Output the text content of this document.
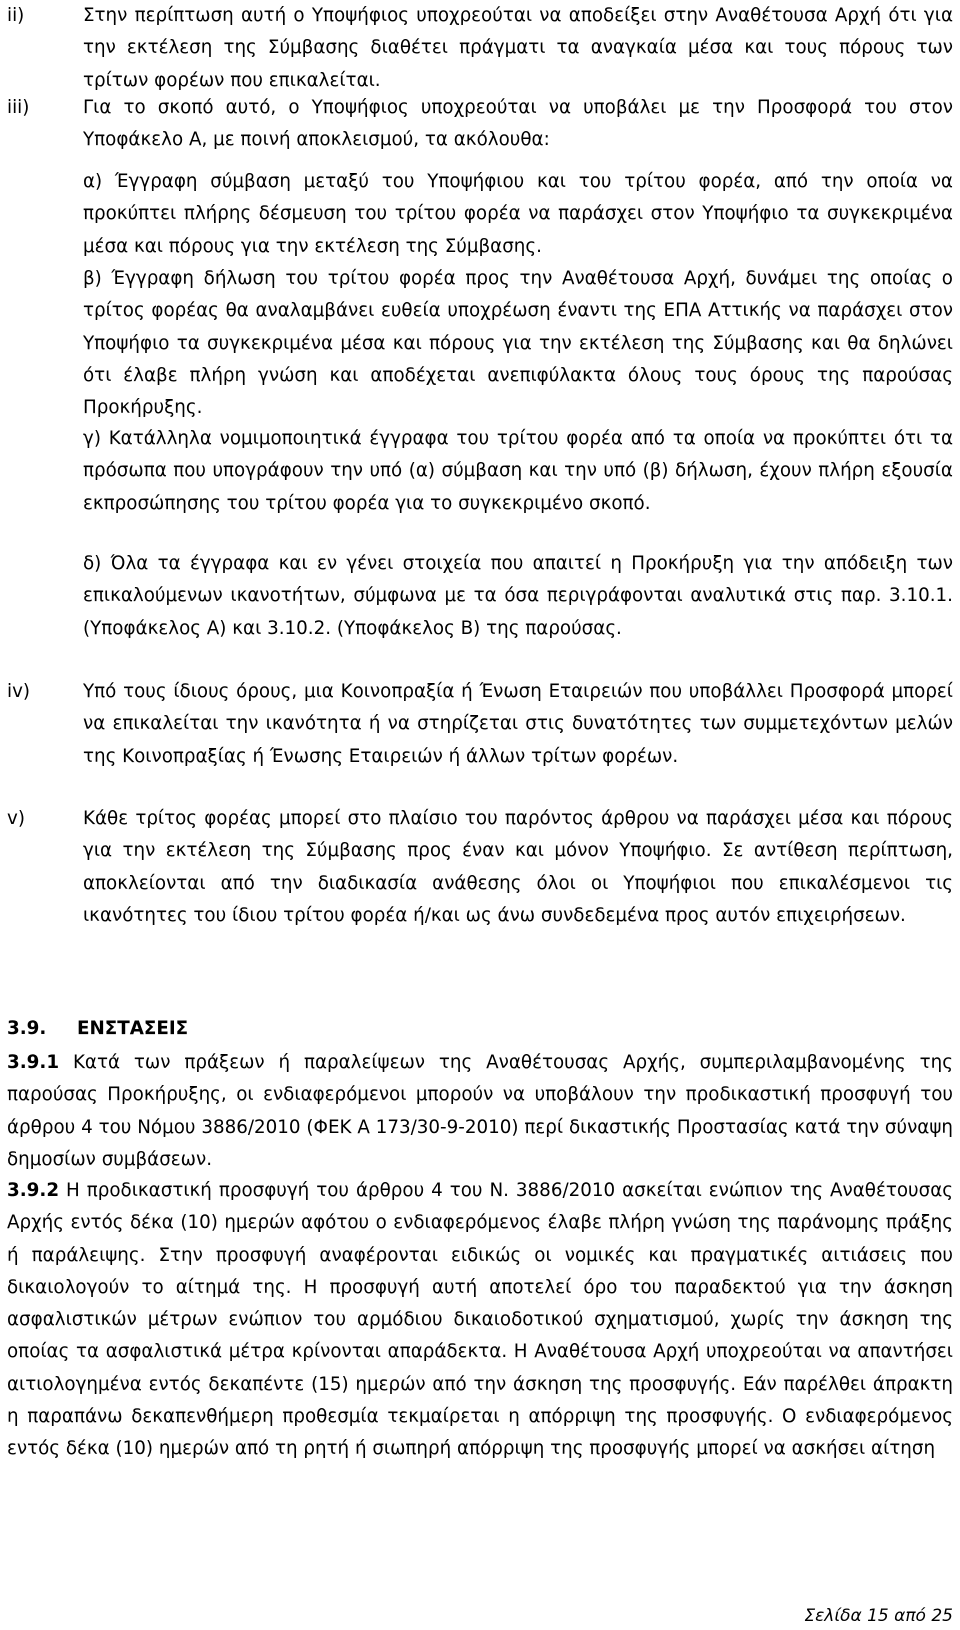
ii)	Στην περίπτωση αυτή ο Υποψήφιος υποχρεούται να αποδείξει στην Αναθέτουσα Αρχή ότι για την εκτέλεση της Σύμβασης διαθέτει πράγματι τα αναγκαία μέσα και τους πόρους των τρίτων φορέων που επικαλείται.
iii)	Για το σκοπό αυτό, ο Υποψήφιος υποχρεούται να υποβάλει με την Προσφορά του στον Υποφάκελο Α, με ποινή αποκλεισμού, τα ακόλουθα:
α) Έγγραφη σύμβαση μεταξύ του Υποψήφιου και του τρίτου φορέα, από την οποία να προκύπτει πλήρης δέσμευση του τρίτου φορέα να παράσχει στον Υποψήφιο τα συγκεκριμένα μέσα και πόρους για την εκτέλεση της Σύμβασης.
β) Έγγραφη δήλωση του τρίτου φορέα προς την Αναθέτουσα Αρχή, δυνάμει της οποίας ο τρίτος φορέας θα αναλαμβάνει ευθεία υποχρέωση έναντι της ΕΠΑ Αττικής να παράσχει στον Υποψήφιο τα συγκεκριμένα μέσα και πόρους για την εκτέλεση της Σύμβασης και θα δηλώνει ότι έλαβε πλήρη γνώση και αποδέχεται ανεπιφύλακτα όλους τους όρους της παρούσας Προκήρυξης.
γ) Κατάλληλα νομιμοποιητικά έγγραφα του τρίτου φορέα από τα οποία να προκύπτει ότι τα πρόσωπα που υπογράφουν την υπό (α) σύμβαση και την υπό (β) δήλωση, έχουν πλήρη εξουσία εκπροσώπησης του τρίτου φορέα για το συγκεκριμένο σκοπό.
δ) Όλα τα έγγραφα και εν γένει στοιχεία που απαιτεί η Προκήρυξη για την απόδειξη των επικαλούμενων ικανοτήτων, σύμφωνα με τα όσα περιγράφονται αναλυτικά στις παρ. 3.10.1. (Υποφάκελος Α) και 3.10.2. (Υποφάκελος Β) της παρούσας.
iv)	Υπό τους ίδιους όρους, μια Κοινοπραξία ή Ένωση Εταιρειών που υποβάλλει Προσφορά μπορεί να επικαλείται την ικανότητα ή να στηρίζεται στις δυνατότητες των συμμετεχόντων μελών της Κοινοπραξίας ή Ένωσης Εταιρειών ή άλλων τρίτων φορέων.
v)	Κάθε τρίτος φορέας μπορεί στο πλαίσιο του παρόντος άρθρου να παράσχει μέσα και πόρους για την εκτέλεση της Σύμβασης προς έναν και μόνον Υποψήφιο. Σε αντίθεση περίπτωση, αποκλείονται από την διαδικασία ανάθεσης όλοι οι Υποψήφιοι που επικαλέσμενοι τις ικανότητες του ίδιου τρίτου φορέα ή/και ως άνω συνδεδεμένα προς αυτόν επιχειρήσεων.
3.9. ΕΝΣΤΑΣΕΙΣ
3.9.1 Κατά των πράξεων ή παραλείψεων της Αναθέτουσας Αρχής, συμπεριλαμβανομένης της παρούσας Προκήρυξης, οι ενδιαφερόμενοι μπορούν να υποβάλουν την προδικαστική προσφυγή του άρθρου 4 του Νόμου 3886/2010 (ΦΕΚ Α 173/30-9-2010) περί δικαστικής Προστασίας κατά την σύναψη δημοσίων συμβάσεων.
3.9.2 Η προδικαστική προσφυγή του άρθρου 4 του Ν. 3886/2010 ασκείται ενώπιον της Αναθέτουσας Αρχής εντός δέκα (10) ημερών αφότου ο ενδιαφερόμενος έλαβε πλήρη γνώση της παράνομης πράξης ή παράλειψης. Στην προσφυγή αναφέρονται ειδικώς οι νομικές και πραγματικές αιτιάσεις που δικαιολογούν το αίτημά της. Η προσφυγή αυτή αποτελεί όρο του παραδεκτού για την άσκηση ασφαλιστικών μέτρων ενώπιον του αρμόδιου δικαιοδοτικού σχηματισμού, χωρίς την άσκηση της οποίας τα ασφαλιστικά μέτρα κρίνονται απαράδεκτα. Η Αναθέτουσα Αρχή υποχρεούται να απαντήσει αιτιολογημένα εντός δεκαπέντε (15) ημερών από την άσκηση της προσφυγής. Εάν παρέλθει άπρακτη η παραπάνω δεκαπενθήμερη προθεσμία τεκμαίρεται η απόρριψη της προσφυγής. Ο ενδιαφερόμενος εντός δέκα (10) ημερών από τη ρητή ή σιωπηρή απόρριψη της προσφυγής μπορεί να ασκήσει αίτηση
Σελίδα 15 από 25
